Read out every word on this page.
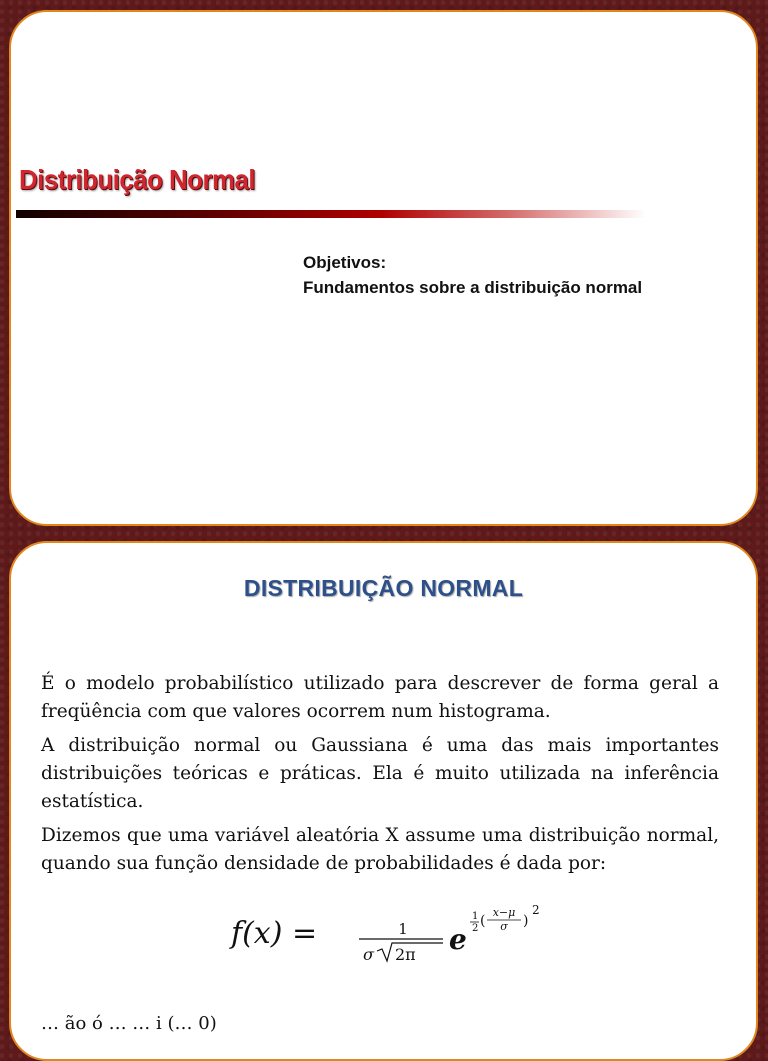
Distribuição Normal
Objetivos:
Fundamentos sobre a distribuição normal
DISTRIBUIÇÃO NORMAL

É o modelo probabilístico utilizado para descrever de forma geral a freqüência com que valores ocorrem num histograma.

A distribuição normal ou Gaussiana é uma das mais importantes distribuições teóricas e práticas. Ela é muito utilizada na inferência estatística.

Dizemos que uma variável aleatória X assume uma distribuição normal, quando sua função densidade de probabilidades é dada por:

f(x) =	1
σ 2π e
1
2 (
x−μ
σ )
2
… ão ó … … i (… 0)
